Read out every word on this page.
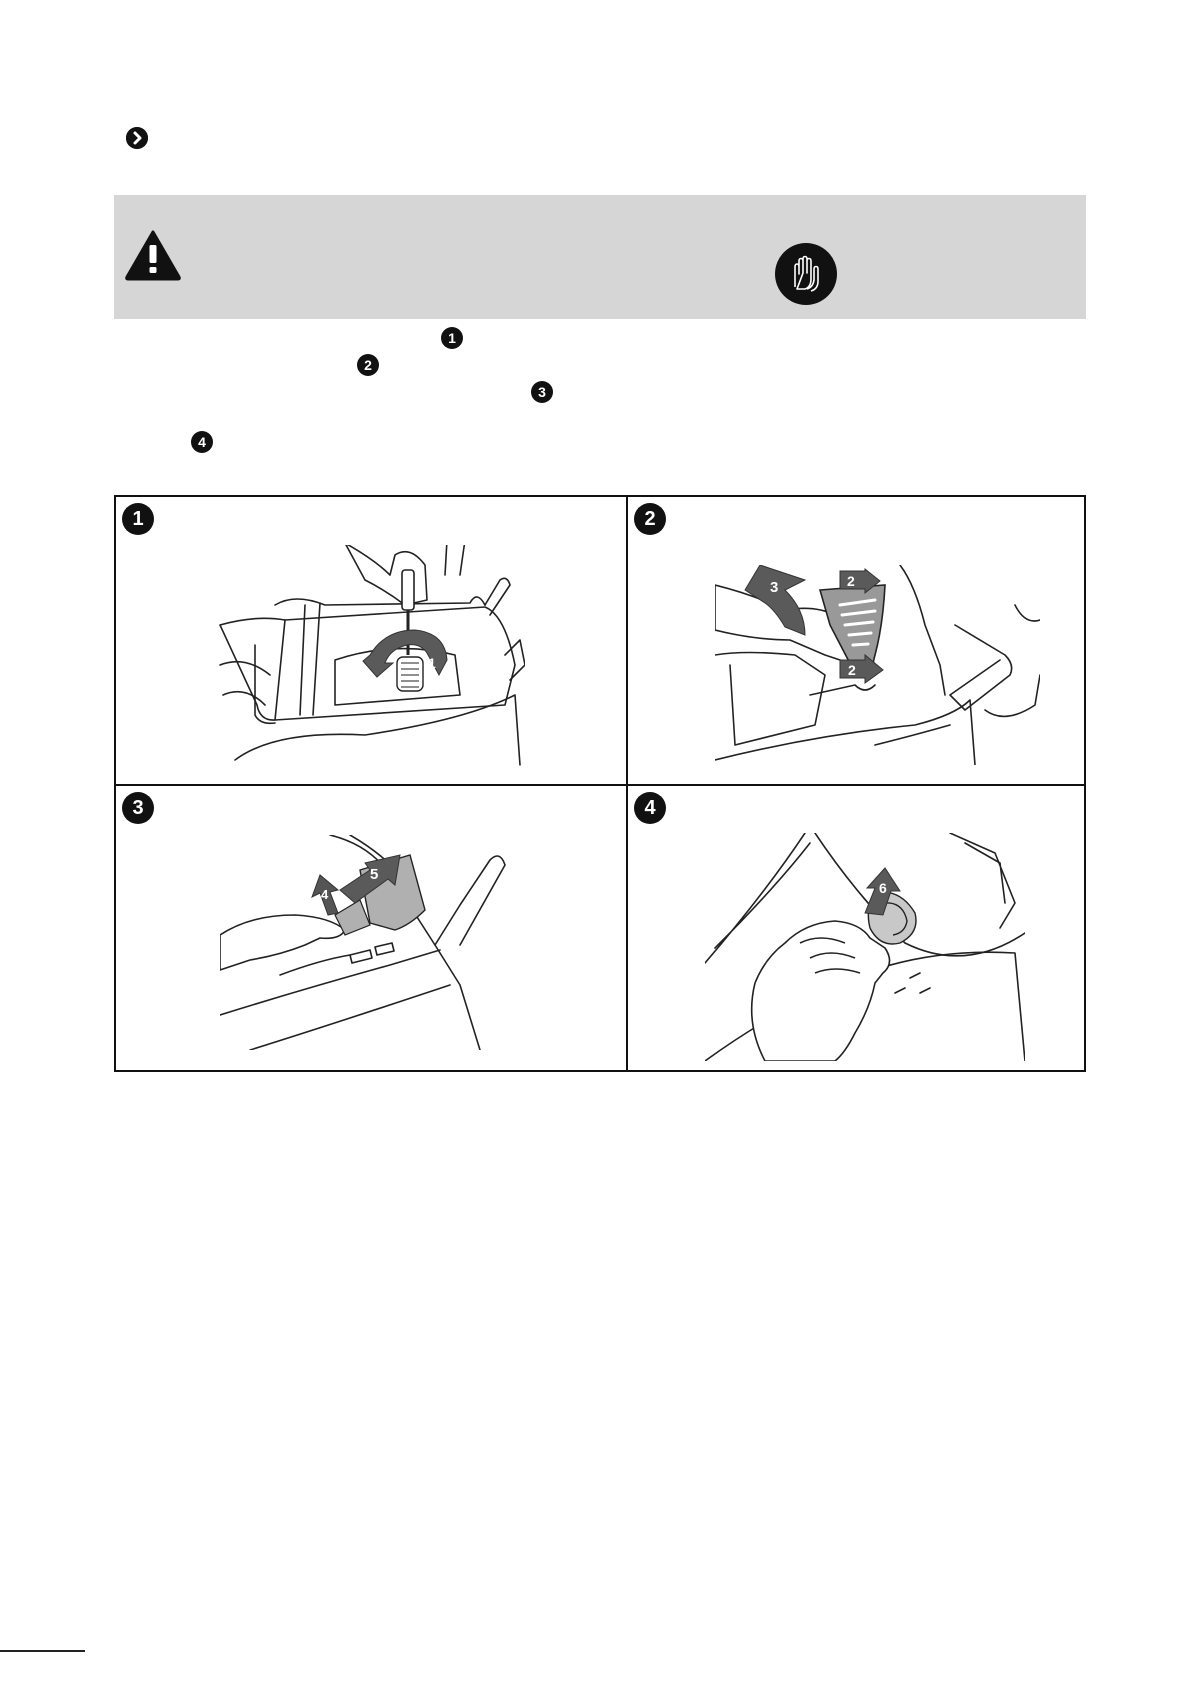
1
2
3
4
1	2
3	4
1
3	2
2
4
5
6
